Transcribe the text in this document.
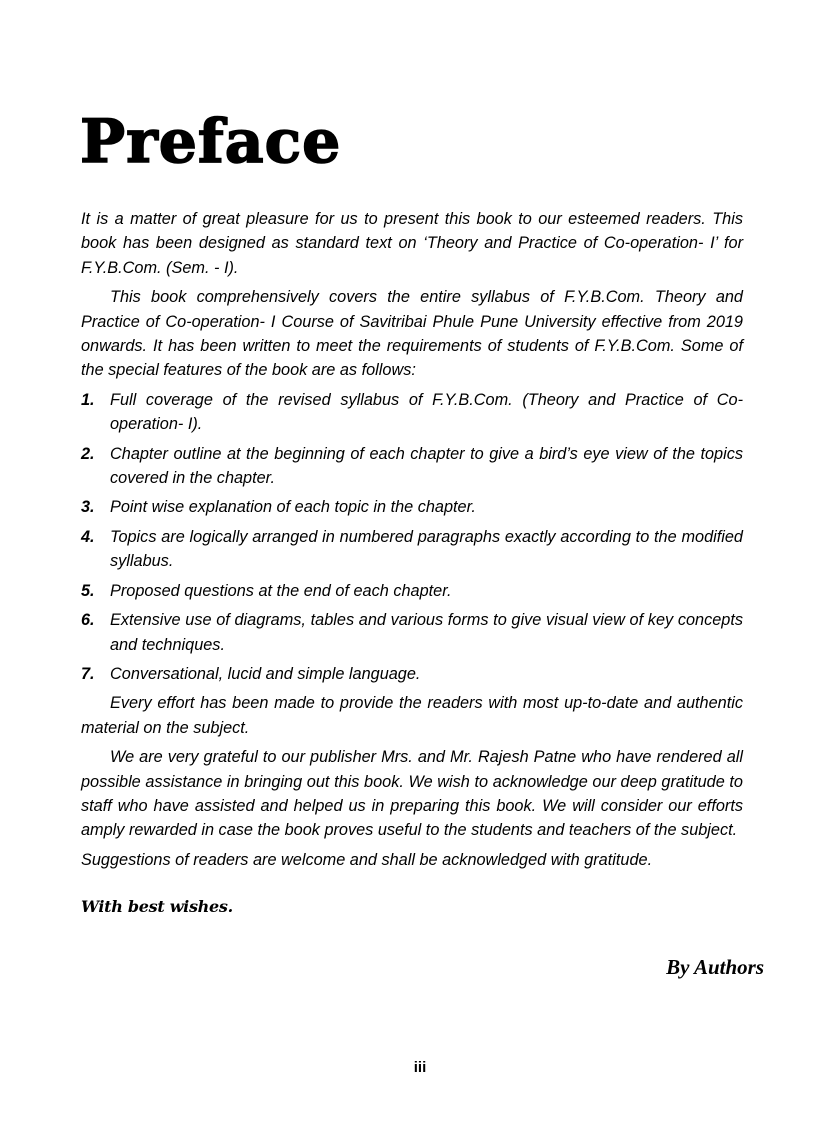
Preface

It is a matter of great pleasure for us to present this book to our esteemed readers. This book has been designed as standard text on ‘Theory and Practice of Co-operation- I’ for F.Y.B.Com. (Sem. - I).

This book comprehensively covers the entire syllabus of F.Y.B.Com. Theory and Practice of Co-operation- I Course of Savitribai Phule Pune University effective from 2019 onwards. It has been written to meet the requirements of students of F.Y.B.Com. Some of the special features of the book are as follows:

1. Full coverage of the revised syllabus of F.Y.B.Com. (Theory and Practice of Co-operation- I).
2. Chapter outline at the beginning of each chapter to give a bird’s eye view of the topics covered in the chapter.
3. Point wise explanation of each topic in the chapter.
4. Topics are logically arranged in numbered paragraphs exactly according to the modified syllabus.
5. Proposed questions at the end of each chapter.
6. Extensive use of diagrams, tables and various forms to give visual view of key concepts and techniques.
7. Conversational, lucid and simple language.

Every effort has been made to provide the readers with most up-to-date and authentic material on the subject.

We are very grateful to our publisher Mrs. and Mr. Rajesh Patne who have rendered all possible assistance in bringing out this book. We wish to acknowledge our deep gratitude to staff who have assisted and helped us in preparing this book. We will consider our efforts amply rewarded in case the book proves useful to the students and teachers of the subject.

Suggestions of readers are welcome and shall be acknowledged with gratitude.

With best wishes.
By Authors
iii
